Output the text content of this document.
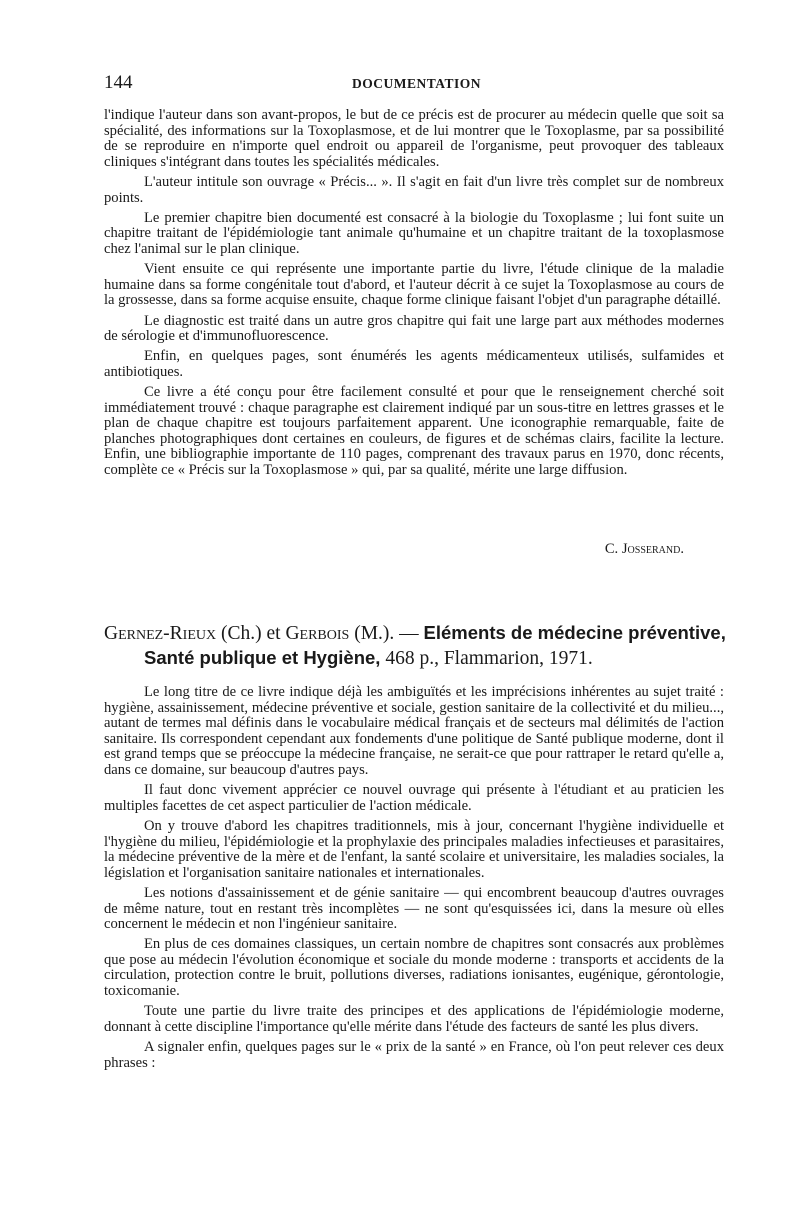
144	DOCUMENTATION

l'indique l'auteur dans son avant-propos, le but de ce précis est de procurer au médecin quelle que soit sa spécialité, des informations sur la Toxoplasmose, et de lui montrer que le Toxoplasme, par sa possibilité de se reproduire en n'importe quel endroit ou appareil de l'organisme, peut provoquer des tableaux cliniques s'intégrant dans toutes les spécialités médicales.

L'auteur intitule son ouvrage « Précis... ». Il s'agit en fait d'un livre très complet sur de nombreux points.

Le premier chapitre bien documenté est consacré à la biologie du Toxoplasme ; lui font suite un chapitre traitant de l'épidémiologie tant animale qu'humaine et un chapitre traitant de la toxoplasmose chez l'animal sur le plan clinique.

Vient ensuite ce qui représente une importante partie du livre, l'étude clinique de la maladie humaine dans sa forme congénitale tout d'abord, et l'auteur décrit à ce sujet la Toxoplasmose au cours de la grossesse, dans sa forme acquise ensuite, chaque forme clinique faisant l'objet d'un paragraphe détaillé.

Le diagnostic est traité dans un autre gros chapitre qui fait une large part aux méthodes modernes de sérologie et d'immunofluorescence.

Enfin, en quelques pages, sont énumérés les agents médicamenteux utilisés, sulfamides et antibiotiques.

Ce livre a été conçu pour être facilement consulté et pour que le renseignement cherché soit immédiatement trouvé : chaque paragraphe est clairement indiqué par un sous-titre en lettres grasses et le plan de chaque chapitre est toujours parfaitement apparent. Une iconographie remarquable, faite de planches photographiques dont certaines en couleurs, de figures et de schémas clairs, facilite la lecture. Enfin, une bibliographie importante de 110 pages, comprenant des travaux parus en 1970, donc récents, complète ce « Précis sur la Toxoplasmose » qui, par sa qualité, mérite une large diffusion.

C. Josserand.
Gernez-Rieux (Ch.) et Gerbois (M.). — Eléments de médecine préventive,
Santé publique et Hygiène, 468 p., Flammarion, 1971.

Le long titre de ce livre indique déjà les ambiguïtés et les imprécisions inhérentes au sujet traité : hygiène, assainissement, médecine préventive et sociale, gestion sanitaire de la collectivité et du milieu..., autant de termes mal définis dans le vocabulaire médical français et de secteurs mal délimités de l'action sanitaire. Ils correspondent cependant aux fondements d'une politique de Santé publique moderne, dont il est grand temps que se préoccupe la médecine française, ne serait-ce que pour rattraper le retard qu'elle a, dans ce domaine, sur beaucoup d'autres pays.

Il faut donc vivement apprécier ce nouvel ouvrage qui présente à l'étudiant et au praticien les multiples facettes de cet aspect particulier de l'action médicale.

On y trouve d'abord les chapitres traditionnels, mis à jour, concernant l'hygiène individuelle et l'hygiène du milieu, l'épidémiologie et la prophylaxie des principales maladies infectieuses et parasitaires, la médecine préventive de la mère et de l'enfant, la santé scolaire et universitaire, les maladies sociales, la législation et l'organisation sanitaire nationales et internationales.

Les notions d'assainissement et de génie sanitaire — qui encombrent beaucoup d'autres ouvrages de même nature, tout en restant très incomplètes — ne sont qu'esquissées ici, dans la mesure où elles concernent le médecin et non l'ingénieur sanitaire.

En plus de ces domaines classiques, un certain nombre de chapitres sont consacrés aux problèmes que pose au médecin l'évolution économique et sociale du monde moderne : transports et accidents de la circulation, protection contre le bruit, pollutions diverses, radiations ionisantes, eugénique, gérontologie, toxicomanie.

Toute une partie du livre traite des principes et des applications de l'épidémiologie moderne, donnant à cette discipline l'importance qu'elle mérite dans l'étude des facteurs de santé les plus divers.

A signaler enfin, quelques pages sur le « prix de la santé » en France, où l'on peut relever ces deux phrases :
